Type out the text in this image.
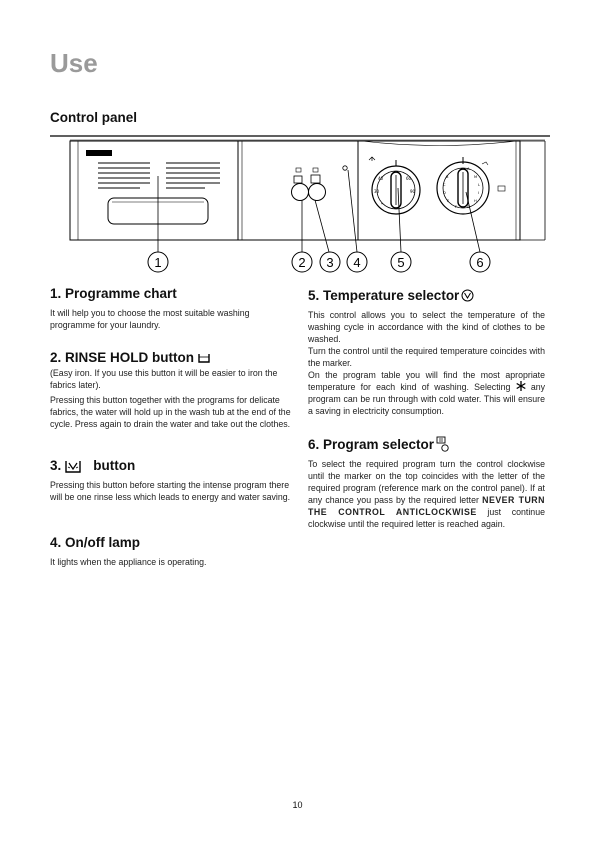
Use
Control panel
40	60
30	90
*
B
C
D
E
F	G
H
I
L
M
A
1	2 3 4	5	6
1. Programme chart

It will help you to choose the most suitable washing programme for your laundry.

2. RINSE HOLD button

(Easy iron. If you use this button it will be easier to iron the fabrics later).

Pressing this button together with the programs for delicate fabrics, the water will hold up in the wash tub at the end of the cycle. Press again to drain the water and take out the clothes.

3. button

Pressing this button before starting the intense program there will be one rinse less which leads to energy and water saving.

4. On/off lamp

It lights when the appliance is operating.

5. Temperature selector

This control allows you to select the temperature of the washing cycle in accordance with the kind of clothes to be washed.

Turn the control until the required temperature coincides with the marker.

On the program table you will find the most apropriate temperature for each kind of washing. Selecting any program can be run through with cold water. This will ensure a saving in electricity consumption.

6. Program selector

To select the required program turn the control clockwise until the marker on the top coincides with the letter of the required program (reference mark on the control panel). If at any chance you pass by the required letter NEVER TURN THE CONTROL ANTICLOCKWISE just continue clockwise until the required letter is reached again.

10
